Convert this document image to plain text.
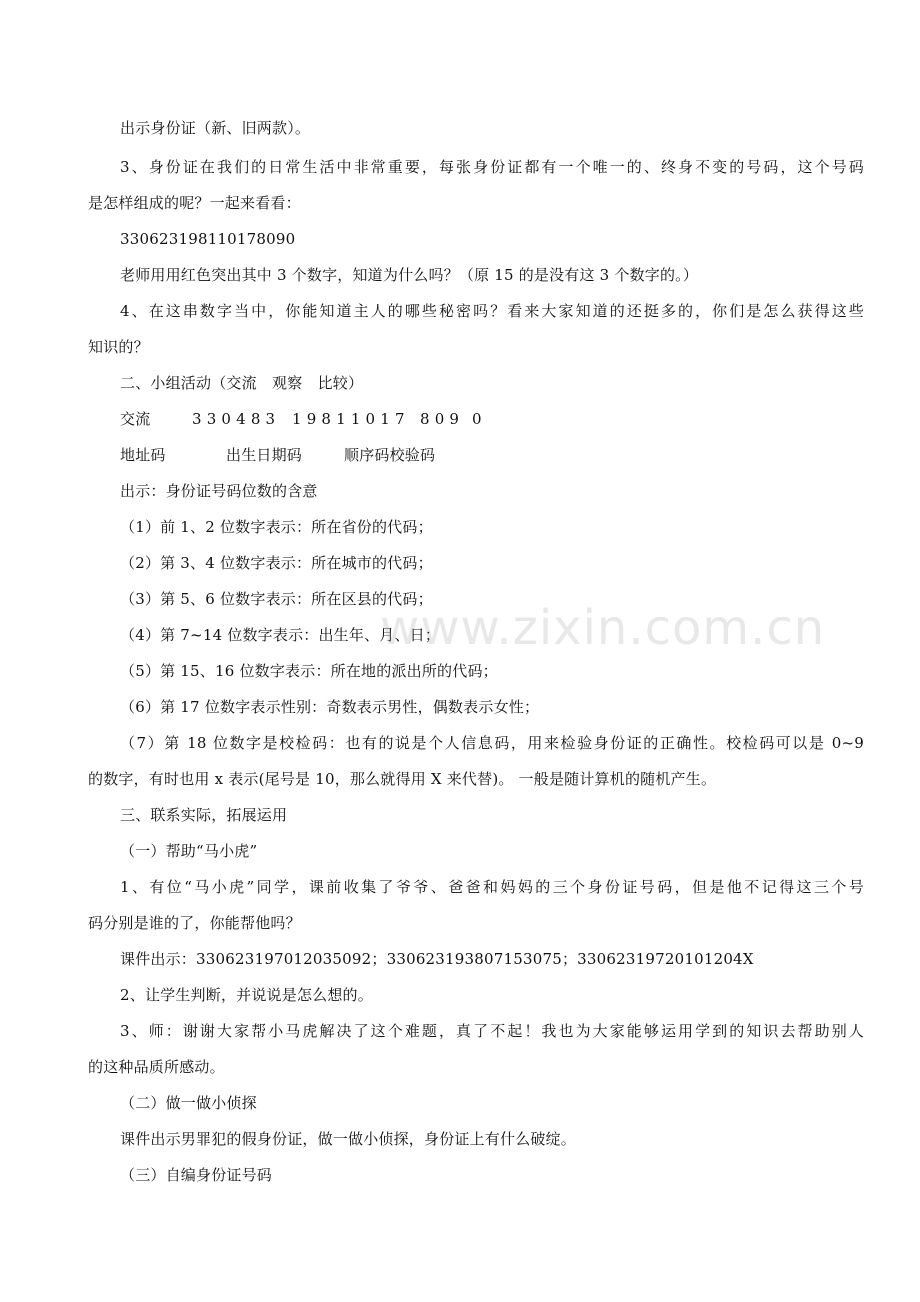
出示身份证（新、旧两款）。
3、身份证在我们的日常生活中非常重要，每张身份证都有一个唯一的、终身不变的号码，这个号码
是怎样组成的呢？一起来看看：
330623198110178090
老师用用红色突出其中 3 个数字，知道为什么吗？（原 15 的是没有这 3 个数字的。）
4、在这串数字当中，你能知道主人的哪些秘密吗？看来大家知道的还挺多的，你们是怎么获得这些
知识的？
二、小组活动（交流　观察　比较）
交流	3 3 0 4 8 3 1 9 8 1 1 0 1 7 8 0 9 0
地址码	出生日期码	顺序码校验码
出示：身份证号码位数的含意
（1）前 1、2 位数字表示：所在省份的代码；
（2）第 3、4 位数字表示：所在城市的代码；
（3）第 5、6 位数字表示：所在区县的代码；
（4）第 7~14 位数字表示：出生年、月、日；
（5）第 15、16 位数字表示：所在地的派出所的代码；
（6）第 17 位数字表示性别：奇数表示男性，偶数表示女性；
（7）第 18 位数字是校检码：也有的说是个人信息码，用来检验身份证的正确性。校检码可以是 0~9
的数字，有时也用 x 表示(尾号是 10，那么就得用 X 来代替)。 一般是随计算机的随机产生。
三、联系实际，拓展运用
（一）帮助“马小虎”
1、有位“马小虎”同学，课前收集了爷爷、爸爸和妈妈的三个身份证号码，但是他不记得这三个号
码分别是谁的了，你能帮他吗？
课件出示：330623197012035092；330623193807153075；33062319720101204X
2、让学生判断，并说说是怎么想的。
3、师：谢谢大家帮小马虎解决了这个难题，真了不起！我也为大家能够运用学到的知识去帮助别人
的这种品质所感动。
（二）做一做小侦探
课件出示男罪犯的假身份证，做一做小侦探，身份证上有什么破绽。
（三）自编身份证号码
www.zixin.com.cn
